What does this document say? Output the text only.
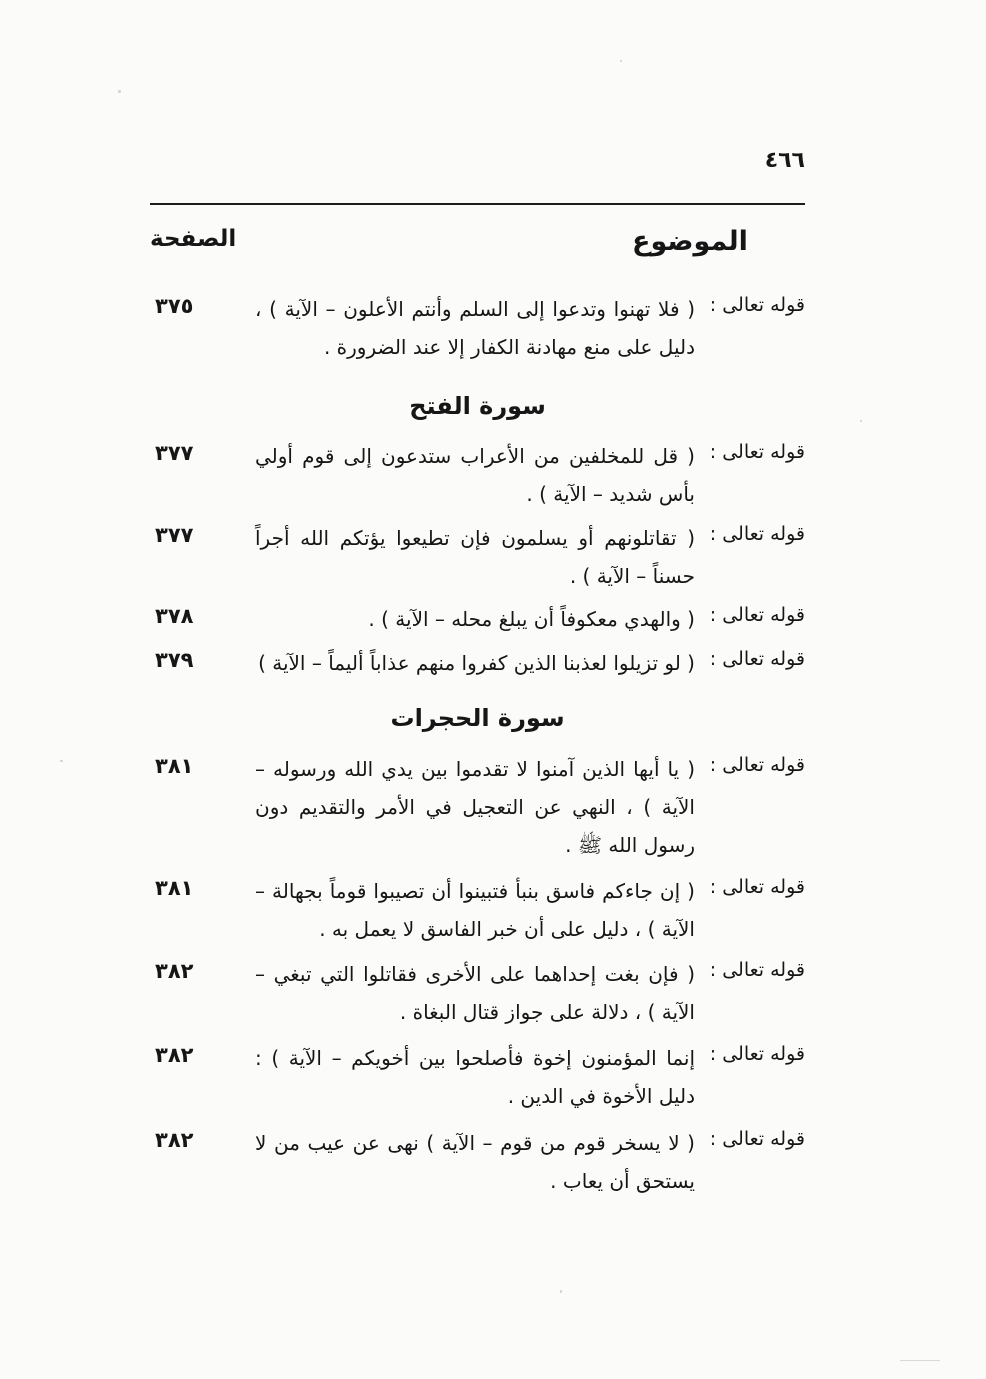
٤٦٦
الموضوع
الصفحة
قوله تعالى :
( فلا تهنوا وتدعوا إلى السلم وأنتم الأعلون – الآية ) ، دليل على منع مهادنة الكفار إلا عند الضرورة .
٣٧٥
سورة الفتح
قوله تعالى :
( قل للمخلفين من الأعراب ستدعون إلى قوم أولي بأس شديد – الآية ) .
٣٧٧
قوله تعالى :
( تقاتلونهم أو يسلمون فإن تطيعوا يؤتكم الله أجراً حسناً – الآية ) .
٣٧٧
قوله تعالى :
( والهدي معكوفاً أن يبلغ محله – الآية ) .
٣٧٨
قوله تعالى :
( لو تزيلوا لعذبنا الذين كفروا منهم عذاباً أليماً – الآية )
٣٧٩
سورة الحجرات
قوله تعالى :
( يا أيها الذين آمنوا لا تقدموا بين يدي الله ورسوله – الآية ) ، النهي عن التعجيل في الأمر والتقديم دون رسول الله ﷺ .
٣٨١
قوله تعالى :
( إن جاءكم فاسق بنبأ فتبينوا أن تصيبوا قوماً بجهالة – الآية ) ، دليل على أن خبر الفاسق لا يعمل به .
٣٨١
قوله تعالى :
( فإن بغت إحداهما على الأخرى فقاتلوا التي تبغي – الآية ) ، دلالة على جواز قتال البغاة .
٣٨٢
قوله تعالى :
إنما المؤمنون إخوة فأصلحوا بين أخويكم – الآية ) : دليل الأخوة في الدين .
٣٨٢
قوله تعالى :
( لا يسخر قوم من قوم – الآية ) نهى عن عيب من لا يستحق أن يعاب .
٣٨٢
